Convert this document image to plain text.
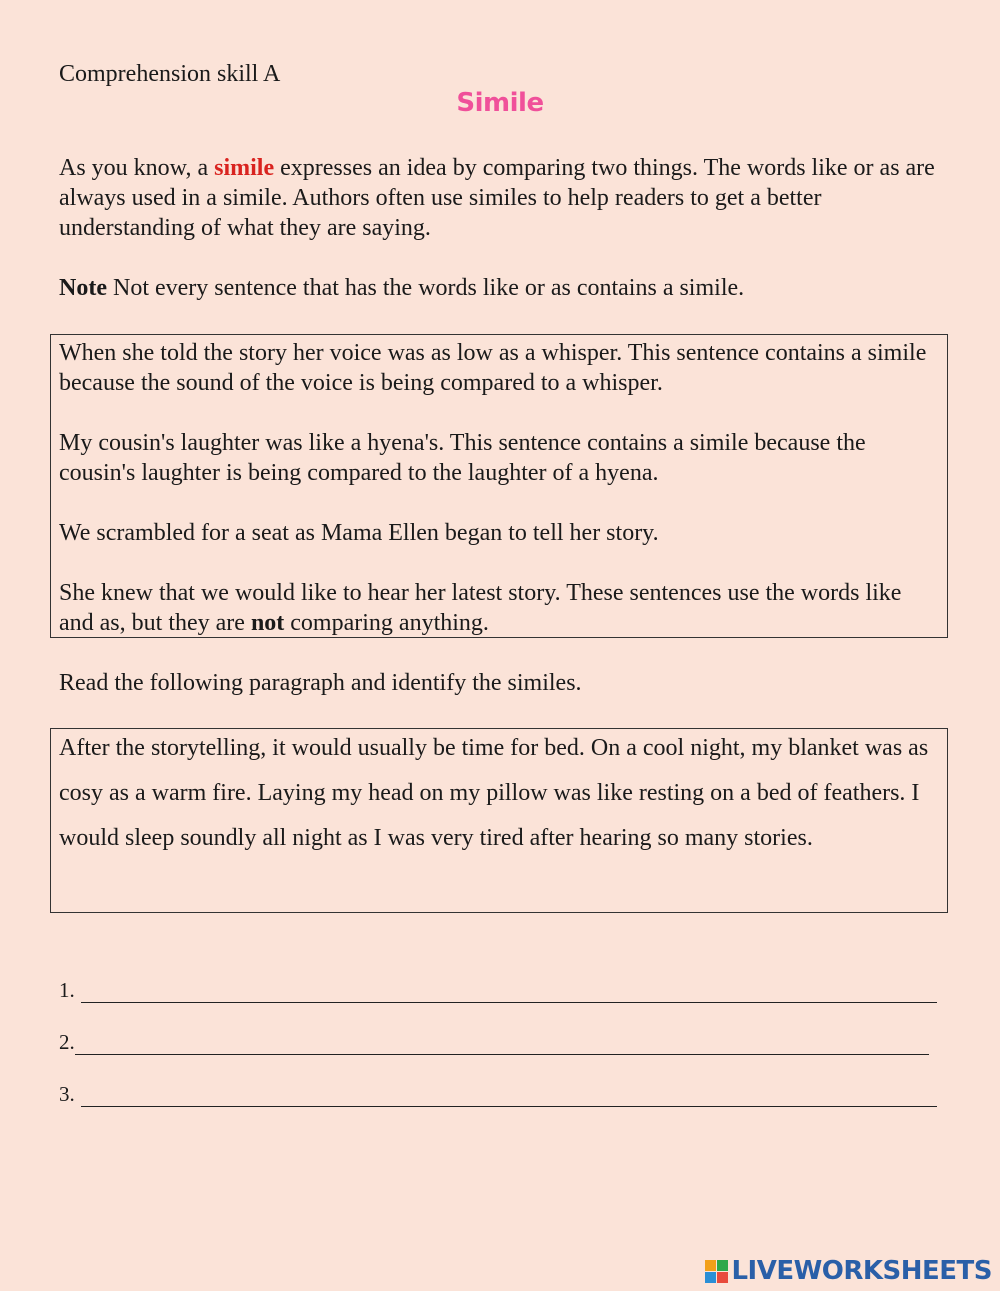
Comprehension skill A
Simile
As you know, a simile expresses an idea by comparing two things. The words like or as are always used in a simile. Authors often use similes to help readers to get a better understanding of what they are saying.
Note Not every sentence that has the words like or as contains a simile.

When she told the story her voice was as low as a whisper. This sentence contains a simile because the sound of the voice is being compared to a whisper.

My cousin's laughter was like a hyena's. This sentence contains a simile because the cousin's laughter is being compared to the laughter of a hyena.

We scrambled for a seat as Mama Ellen began to tell her story.

She knew that we would like to hear her latest story. These sentences use the words like and as, but they are not comparing anything.

Read the following paragraph and identify the similes.

After the storytelling, it would usually be time for bed. On a cool night, my blanket was as cosy as a warm fire. Laying my head on my pillow was like resting on a bed of feathers. I would sleep soundly all night as I was very tired after hearing so many stories.

1.
2.
3.
LIVEWORKSHEETS
